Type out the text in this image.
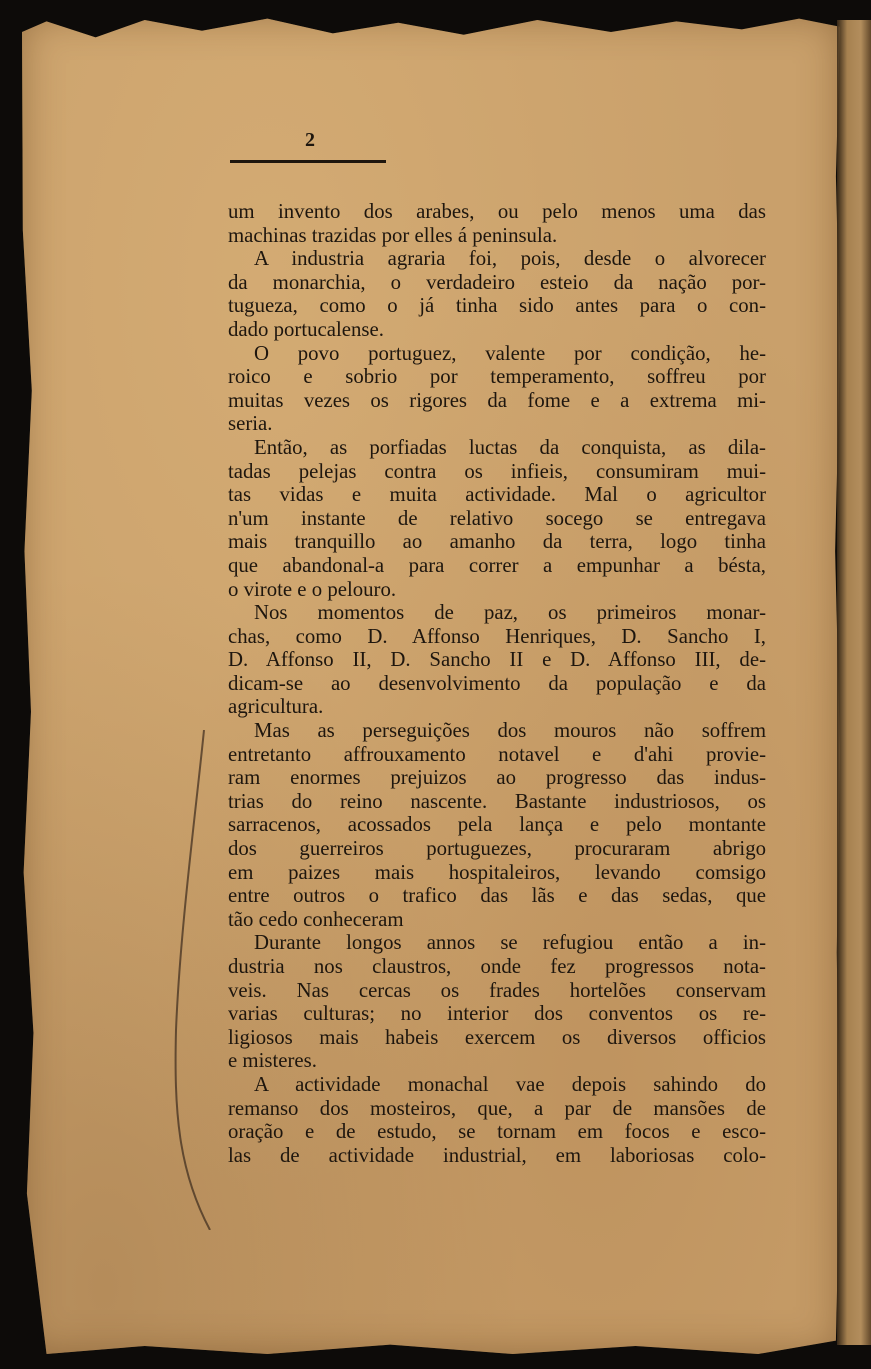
2
um invento dos arabes, ou pelo menos uma das
machinas trazidas por elles á peninsula.
A industria agraria foi, pois, desde o alvorecer
da monarchia, o verdadeiro esteio da nação por-
tugueza, como o já tinha sido antes para o con-
dado portucalense.
O povo portuguez, valente por condição, he-
roico e sobrio por temperamento, soffreu por
muitas vezes os rigores da fome e a extrema mi-
seria.
Então, as porfiadas luctas da conquista, as dila-
tadas pelejas contra os infieis, consumiram mui-
tas vidas e muita actividade. Mal o agricultor
n'um instante de relativo socego se entregava
mais tranquillo ao amanho da terra, logo tinha
que abandonal-a para correr a empunhar a bésta,
o virote e o pelouro.
Nos momentos de paz, os primeiros monar-
chas, como D. Affonso Henriques, D. Sancho I,
D. Affonso II, D. Sancho II e D. Affonso III, de-
dicam-se ao desenvolvimento da população e da
agricultura.
Mas as perseguições dos mouros não soffrem
entretanto affrouxamento notavel e d'ahi provie-
ram enormes prejuizos ao progresso das indus-
trias do reino nascente. Bastante industriosos, os
sarracenos, acossados pela lança e pelo montante
dos guerreiros portuguezes, procuraram abrigo
em paizes mais hospitaleiros, levando comsigo
entre outros o trafico das lãs e das sedas, que
tão cedo conheceram
Durante longos annos se refugiou então a in-
dustria nos claustros, onde fez progressos nota-
veis. Nas cercas os frades hortelões conservam
varias culturas; no interior dos conventos os re-
ligiosos mais habeis exercem os diversos officios
e misteres.
A actividade monachal vae depois sahindo do
remanso dos mosteiros, que, a par de mansões de
oração e de estudo, se tornam em focos e esco-
las de actividade industrial, em laboriosas colo-
